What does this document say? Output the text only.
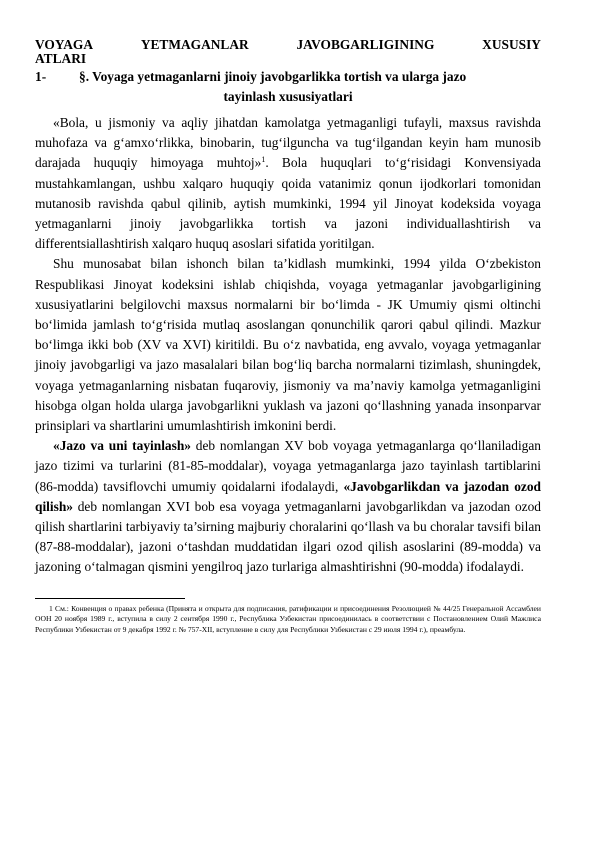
VOYAGA	YETMAGANLAR	JAVOBGARLIGINING	XUSUSIY
ATLARI
1- §. Voyaga yetmaganlarni jinoiy javobgarlikka tortish va ularga jazo
tayinlash xususiyatlari

«Bola, u jismoniy va aqliy jihatdan kamolatga yetmaganligi tufayli, maxsus ravishda muhofaza va g‘amxo‘rlikka, binobarin, tug‘ilguncha va tug‘ilgandan keyin ham munosib darajada huquqiy himoyaga muhtoj»$^1$. Bola huquqlari to‘g‘risidagi Konvensiyada mustahkamlangan, ushbu xalqaro huquqiy qoida vatanimiz qonun ijodkorlari tomonidan mutanosib ravishda qabul qilinib, aytish mumkinki, 1994 yil Jinoyat kodeksida voyaga yetmaganlarni jinoiy javobgarlikka tortish va jazoni individuallashtirish va differentsiallashtirish xalqaro huquq asoslari sifatida yoritilgan.

Shu munosabat bilan ishonch bilan ta’kidlash mumkinki, 1994 yilda O‘zbekiston Respublikasi Jinoyat kodeksini ishlab chiqishda, voyaga yetmaganlar javobgarligining xususiyatlarini belgilovchi maxsus normalarni bir bo‘limda - JK Umumiy qismi oltinchi bo‘limida jamlash to‘g‘risida mutlaq asoslangan qonunchilik qarori qabul qilindi. Mazkur bo‘limga ikki bob (XV va XVI) kiritildi. Bu o‘z navbatida, eng avvalo, voyaga yetmaganlar jinoiy javobgarligi va jazo masalalari bilan bog‘liq barcha normalarni tizimlash, shuningdek, voyaga yetmaganlarning nisbatan fuqaroviy, jismoniy va ma’naviy kamolga yetmaganligini hisobga olgan holda ularga javobgarlikni yuklash va jazoni qo‘llashning yanada insonparvar prinsiplari va shartlarini umumlashtirish imkonini berdi.

«Jazo va uni tayinlash» deb nomlangan XV bob voyaga yetmaganlarga qo‘llaniladigan jazo tizimi va turlarini (81-85-moddalar), voyaga yetmaganlarga jazo tayinlash tartiblarini (86-modda) tavsiflovchi umumiy qoidalarni ifodalaydi, «Javobgarlikdan va jazodan ozod qilish» deb nomlangan XVI bob esa voyaga yetmaganlarni javobgarlikdan va jazodan ozod qilish shartlarini tarbiyaviy ta’sirning majburiy choralarini qo‘llash va bu choralar tavsifi bilan (87-88-moddalar), jazoni o‘tashdan muddatidan ilgari ozod qilish asoslarini (89-modda) va jazoning o‘talmagan qismini yengilroq jazo turlariga almashtirishni (90-modda) ifodalaydi.

1 См.: Конвенция о правах ребенка (Принята и открыта для подписания, ратификации и присоединения Резолюцией № 44/25 Генеральной Ассамблеи ООН 20 ноября 1989 г., вступила в силу 2 сентября 1990 г., Республика Узбекистан присоединилась в соответствии с Постановлением Олий Мажлиса Республики Узбекистан от 9 декабря 1992 г. № 757-XII, вступление в силу для Республики Узбекистан с 29 июля 1994 г.), преамбула.
